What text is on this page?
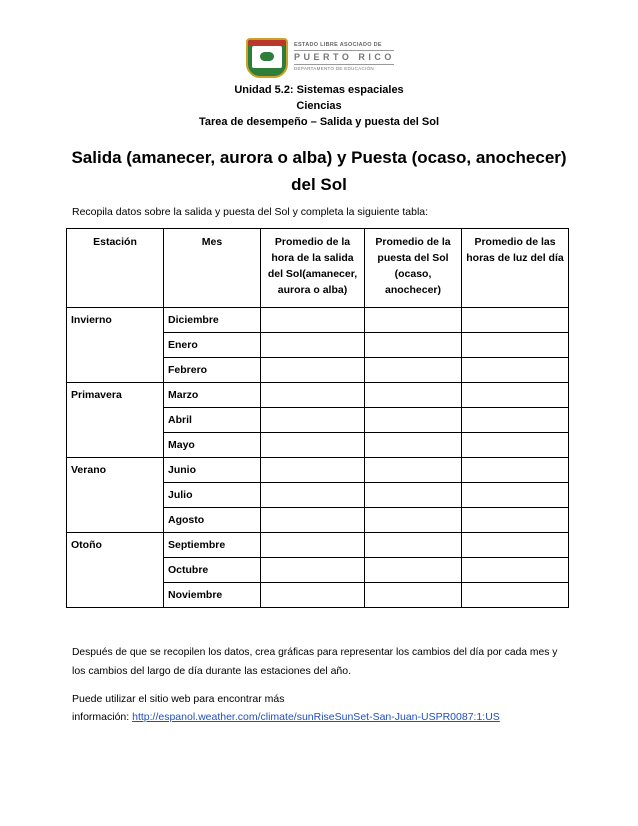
ESTADO LIBRE ASOCIADO DE
PUERTO RICO
DEPARTAMENTO DE EDUCACIÓN
Unidad 5.2: Sistemas espaciales
Ciencias
Tarea de desempeño – Salida y puesta del Sol
Salida (amanecer, aurora o alba) y Puesta (ocaso, anochecer)
del Sol
Recopila datos sobre la salida y puesta del Sol y completa la siguiente tabla:
Estación	Mes	Promedio de la hora de la salida del Sol(amanecer, aurora o alba)	Promedio de la puesta del Sol (ocaso, anochecer)	Promedio de las horas de luz del día
Invierno	Diciembre			
	Enero			
	Febrero			
Primavera	Marzo			
	Abril			
	Mayo			
Verano	Junio			
	Julio			
	Agosto			
Otoño	Septiembre			
	Octubre			
	Noviembre			
Después de que se recopilen los datos, crea gráficas para representar los cambios del día por cada mes y
los cambios del largo de día durante las estaciones del año.
Puede utilizar el sitio web para encontrar más
información: http://espanol.weather.com/climate/sunRiseSunSet-San-Juan-USPR0087:1:US
